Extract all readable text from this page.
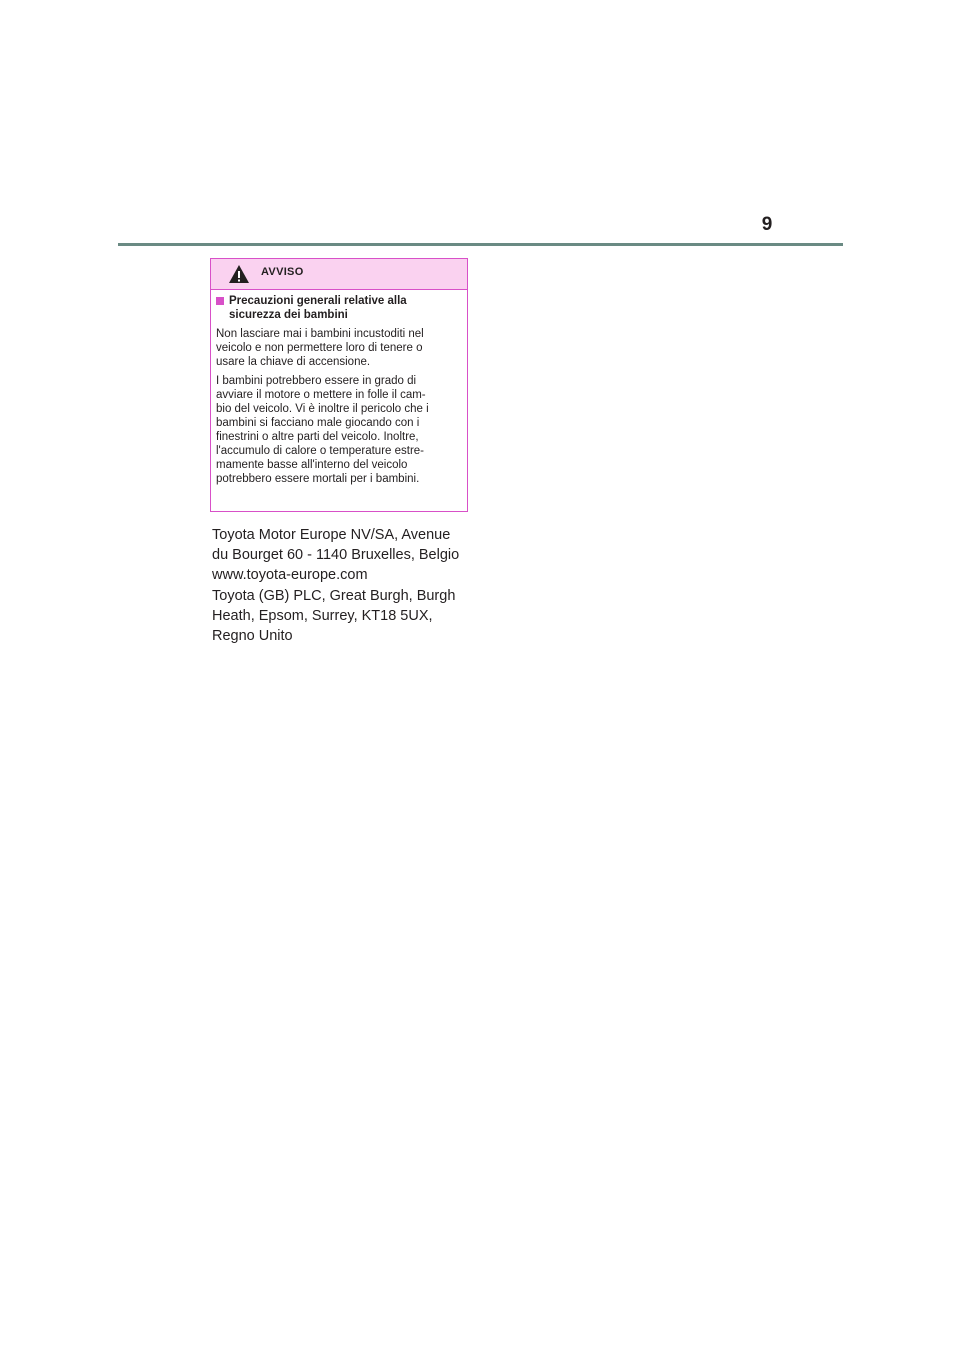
9
AVVISO
Precauzioni generali relative alla
sicurezza dei bambini

Non lasciare mai i bambini incustoditi nel
veicolo e non permettere loro di tenere o
usare la chiave di accensione.

I bambini potrebbero essere in grado di
avviare il motore o mettere in folle il cam-
bio del veicolo. Vi è inoltre il pericolo che i
bambini si facciano male giocando con i
finestrini o altre parti del veicolo. Inoltre,
l'accumulo di calore o temperature estre-
mamente basse all'interno del veicolo
potrebbero essere mortali per i bambini.

Toyota Motor Europe NV/SA, Avenue
du Bourget 60 - 1140 Bruxelles, Belgio
www.toyota-europe.com
Toyota (GB) PLC, Great Burgh, Burgh
Heath, Epsom, Surrey, KT18 5UX,
Regno Unito
